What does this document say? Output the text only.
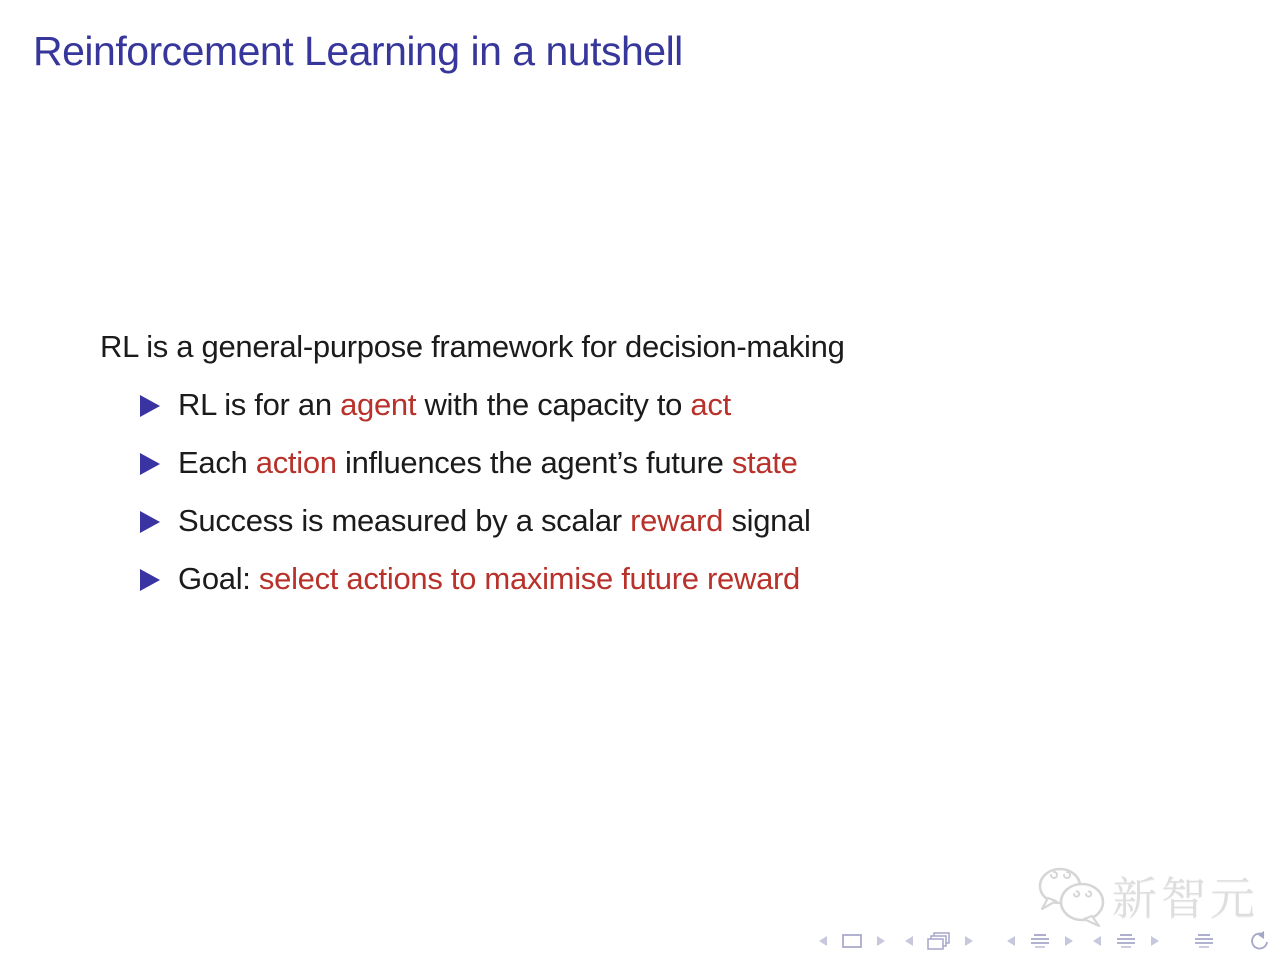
Reinforcement Learning in a nutshell

RL is a general-purpose framework for decision-making

RL is for an agent with the capacity to act
Each action influences the agent’s future state
Success is measured by a scalar reward signal
Goal: select actions to maximise future reward
新智元
